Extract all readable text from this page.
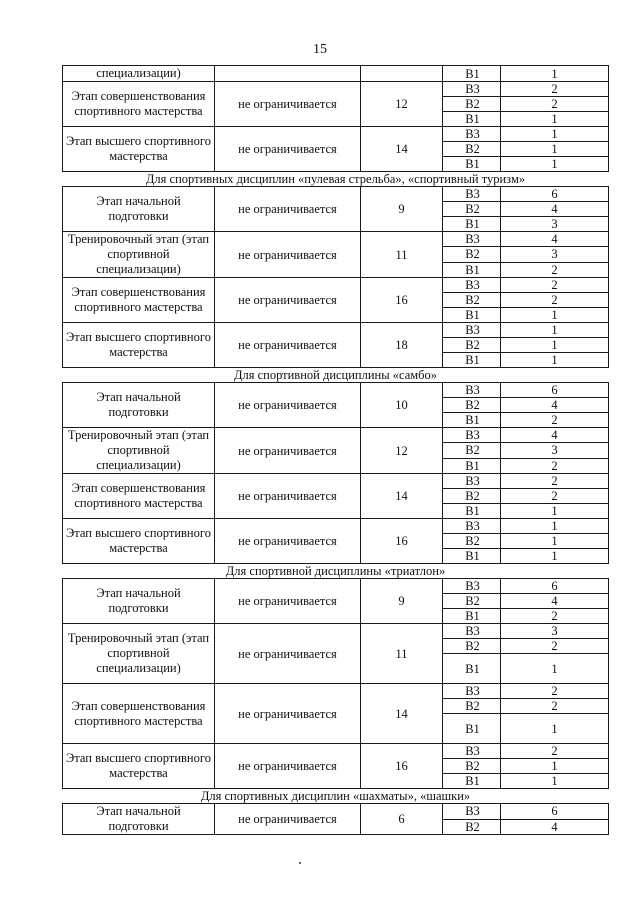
15
специализации)			В1	1
Этап совершенствования спортивного мастерства	не ограничивается	12	В3	2
			В2	2
			В1	1
Этап высшего спортивного мастерства	не ограничивается	14	В3	1
			В2	1
			В1	1
Для спортивных дисциплин «пулевая стрельба», «спортивный туризм»				
Этап начальной подготовки	не ограничивается	9	В3	6
			В2	4
			В1	3
Тренировочный этап (этап спортивной специализации)	не ограничивается	11	В3	4
			В2	3
			В1	2
Этап совершенствования спортивного мастерства	не ограничивается	16	В3	2
			В2	2
			В1	1
Этап высшего спортивного мастерства	не ограничивается	18	В3	1
			В2	1
			В1	1
Для спортивной дисциплины «самбо»				
Этап начальной подготовки	не ограничивается	10	В3	6
			В2	4
			В1	2
Тренировочный этап (этап спортивной специализации)	не ограничивается	12	В3	4
			В2	3
			В1	2
Этап совершенствования спортивного мастерства	не ограничивается	14	В3	2
			В2	2
			В1	1
Этап высшего спортивного мастерства	не ограничивается	16	В3	1
			В2	1
			В1	1
Для спортивной дисциплины «триатлон»				
Этап начальной подготовки	не ограничивается	9	В3	6
			В2	4
			В1	2
Тренировочный этап (этап спортивной специализации)	не ограничивается	11	В3	3
			В2	2
			В1	1
Этап совершенствования спортивного мастерства	не ограничивается	14	В3	2
			В2	2
			В1	1
Этап высшего спортивного мастерства	не ограничивается	16	В3	2
			В2	1
			В1	1
Для спортивных дисциплин «шахматы», «шашки»				
Этап начальной подготовки	не ограничивается	6	В3	6
			В2	4
